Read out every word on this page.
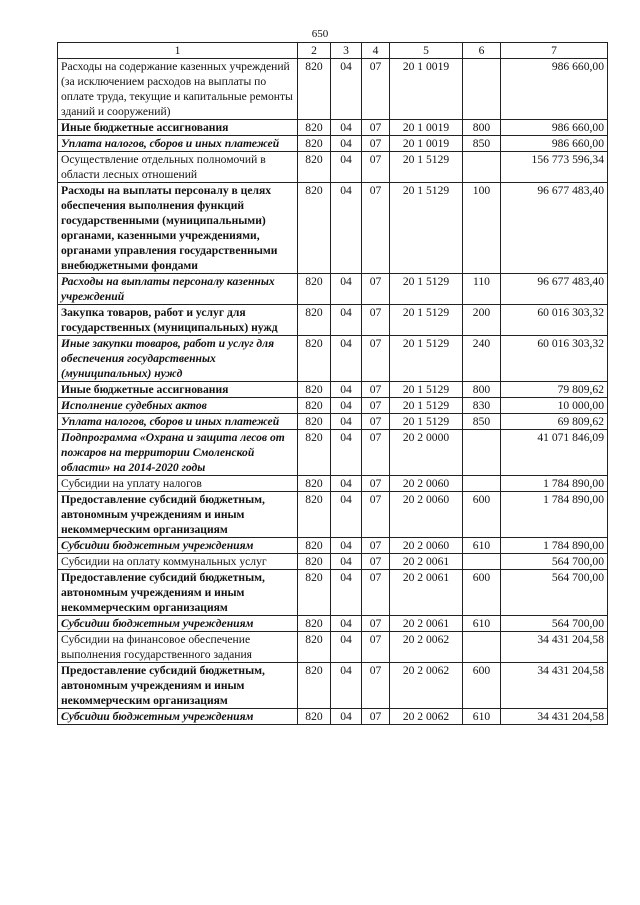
650
1	2	3	4	5	6	7
Расходы на содержание казенных учреждений (за исключением расходов на выплаты по оплате труда, текущие и капитальные ремонты зданий и сооружений)	820	04	07	20 1 0019		986 660,00
Иные бюджетные ассигнования	820	04	07	20 1 0019	800	986 660,00
Уплата налогов, сборов и иных платежей	820	04	07	20 1 0019	850	986 660,00
Осуществление отдельных полномочий в области лесных отношений	820	04	07	20 1 5129		156 773 596,34
Расходы на выплаты персоналу в целях обеспечения выполнения функций государственными (муниципальными) органами, казенными учреждениями, органами управления государственными внебюджетными фондами	820	04	07	20 1 5129	100	96 677 483,40
Расходы на выплаты персоналу казенных учреждений	820	04	07	20 1 5129	110	96 677 483,40
Закупка товаров, работ и услуг для государственных (муниципальных) нужд	820	04	07	20 1 5129	200	60 016 303,32
Иные закупки товаров, работ и услуг для обеспечения государственных (муниципальных) нужд	820	04	07	20 1 5129	240	60 016 303,32
Иные бюджетные ассигнования	820	04	07	20 1 5129	800	79 809,62
Исполнение судебных актов	820	04	07	20 1 5129	830	10 000,00
Уплата налогов, сборов и иных платежей	820	04	07	20 1 5129	850	69 809,62
Подпрограмма «Охрана и защита лесов от пожаров на территории Смоленской области» на 2014-2020 годы	820	04	07	20 2 0000		41 071 846,09
Субсидии на уплату налогов	820	04	07	20 2 0060		1 784 890,00
Предоставление субсидий бюджетным, автономным учреждениям и иным некоммерческим организациям	820	04	07	20 2 0060	600	1 784 890,00
Субсидии бюджетным учреждениям	820	04	07	20 2 0060	610	1 784 890,00
Субсидии на оплату коммунальных услуг	820	04	07	20 2 0061		564 700,00
Предоставление субсидий бюджетным, автономным учреждениям и иным некоммерческим организациям	820	04	07	20 2 0061	600	564 700,00
Субсидии бюджетным учреждениям	820	04	07	20 2 0061	610	564 700,00
Субсидии на финансовое обеспечение выполнения государственного задания	820	04	07	20 2 0062		34 431 204,58
Предоставление субсидий бюджетным, автономным учреждениям и иным некоммерческим организациям	820	04	07	20 2 0062	600	34 431 204,58
Субсидии бюджетным учреждениям	820	04	07	20 2 0062	610	34 431 204,58
